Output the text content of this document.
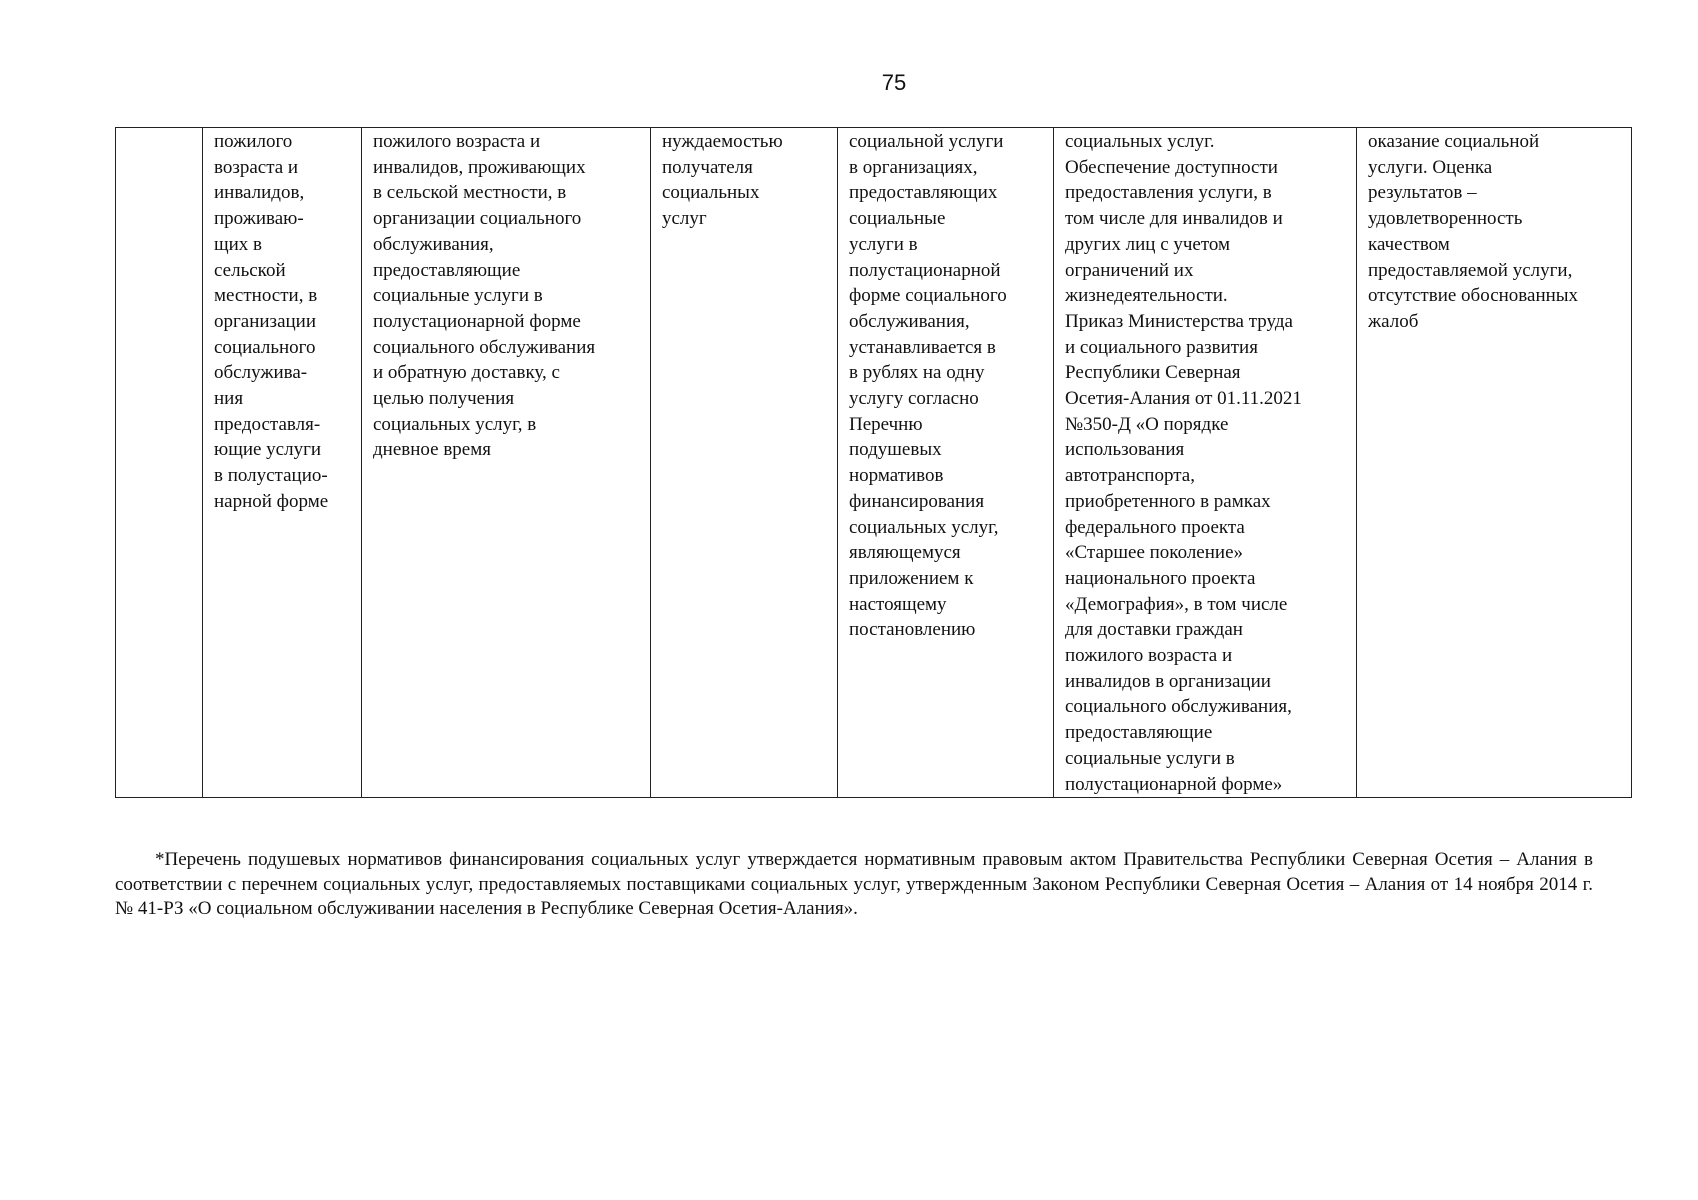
75
	пожилого
возраста и
инвалидов,
проживаю-
щих в
сельской
местности, в
организации
социального
обслужива-
ния
предоставля-
ющие услуги
в полустацио-
нарной форме	пожилого возраста и
инвалидов, проживающих
в сельской местности, в
организации социального
обслуживания,
предоставляющие
социальные услуги в
полустационарной форме
социального обслуживания
и обратную доставку, с
целью получения
социальных услуг, в
дневное время	нуждаемостью
получателя
социальных
услуг	социальной услуги
в организациях,
предоставляющих
социальные
услуги в
полустационарной
форме социального
обслуживания,
устанавливается в
в рублях на одну
услугу согласно
Перечню
подушевых
нормативов
финансирования
социальных услуг,
являющемуся
приложением к
настоящему
постановлению	социальных услуг.
Обеспечение доступности
предоставления услуги, в
том числе для инвалидов и
других лиц с учетом
ограничений их
жизнедеятельности.
Приказ Министерства труда
и социального развития
Республики Северная
Осетия-Алания от 01.11.2021
№350-Д «О порядке
использования
автотранспорта,
приобретенного в рамках
федерального проекта
«Старшее поколение»
национального проекта
«Демография», в том числе
для доставки граждан
пожилого возраста и
инвалидов в организации
социального обслуживания,
предоставляющие
социальные услуги в
полустационарной форме»	оказание социальной
услуги. Оценка
результатов –
удовлетворенность
качеством
предоставляемой услуги,
отсутствие обоснованных
жалоб
*Перечень подушевых нормативов финансирования социальных услуг утверждается нормативным правовым актом Правительства Республики Северная Осетия – Алания в соответствии с перечнем социальных услуг, предоставляемых поставщиками социальных услуг, утвержденным Законом Республики Северная Осетия – Алания от 14 ноября 2014 г. № 41-РЗ «О социальном обслуживании населения в Республике Северная Осетия-Алания».
